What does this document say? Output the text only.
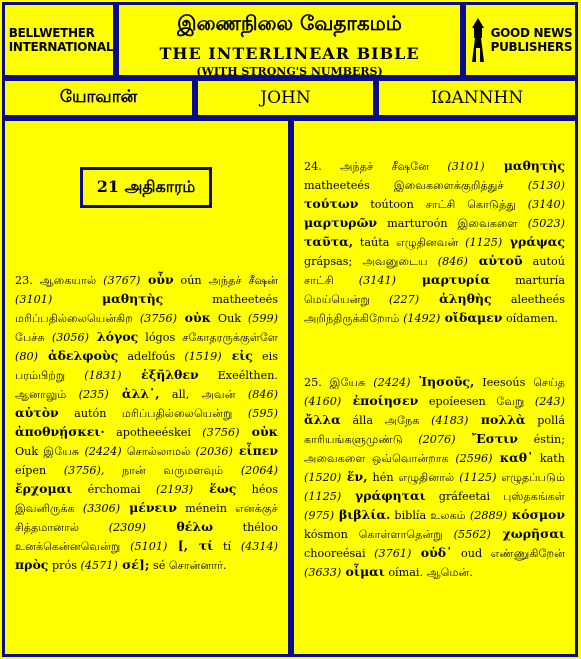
BELLWETHER
INTERNATIONAL
இணைநிலை வேதாகமம்
THE INTERLINEAR BIBLE
(WITH STRONG'S NUMBERS)
GOOD NEWS
PUBLISHERS
யோவான்	JOHN	IΩANNHN
23. ஆகையால் (3767) οὖν oún அந்தச் சீஷன் (3101) μαθητὴς matheeteés மரிப்பதில்லையென்கிற (3756) οὐκ Ouk (599) பேச்சு (3056) λόγος lógos சகோதரருக்குள்ளே (80) ἀδελφοὺς adelfoús (1519) εἰς eis பரம்பிற்று (1831) ἐξῆλθεν Exeélthen. ஆனாலும் (235) ἀλλ᾽, all, அவன் (846) αὐτὸν autón மரிப்பதில்லையென்று (595) ἀποθνῄσκει· apotheeéskei (3756) οὐκ Ouk இயேசு (2424) சொல்லாமல் (2036) εἶπεν eípen (3756), நான் வருமளவும் (2064) ἔρχομαι érchomai (2193) ἕως héos இவனிருக்க (3306) μένειν ménein எனக்குச் சித்தமானால் (2309) θέλω théloo உனக்கென்னவென்று (5101) [, τί tí (4314) πρὸς prós (4571) σέ]; sé சொன்னார்.
21 அதிகாரம்
24. அந்தச் சீஷனே (3101) μαθητὴς matheeteés இவைகளைக்குறித்துச் (5130) τούτων toútoon சாட்சி கொடுத்து (3140) μαρτυρῶν marturoón இவைகளை (5023) ταῦτα, taúta எழுதினவன் (1125) γράψας grápsas; அவனுடைய (846) αὐτοῦ autoú சாட்சி (3141) μαρτυρία marturía மெய்யென்று (227) ἀληθὴς aleetheés அறிந்திருக்கிறோம் (1492) οἴδαμεν oídamen.
25. இயேசு (2424) Ἰησοῦς, Ieesoús செய்த (4160) ἐποίησεν epoíeesen வேறு (243) ἄλλα álla அநேக (4183) πολλὰ pollá காரியங்களுமுண்டு (2076) Ἔστιν éstin; அவைகளை ஒவ்வொன்றாக (2596) καθ᾽ kath (1520) ἕν, hén எழுதினால் (1125) எழுதப்படும் (1125) γράφηται gráfeetai புஸ்தகங்கள் (975) βιβλία. biblía உலகம் (2889) κόσμον kósmon கொள்ளாதென்று (5562) χωρῆσαι chooreésai (3761) οὐδ᾽ oud எண்ணுகிறேன் (3633) οἶμαι oímai. ஆமென்.
